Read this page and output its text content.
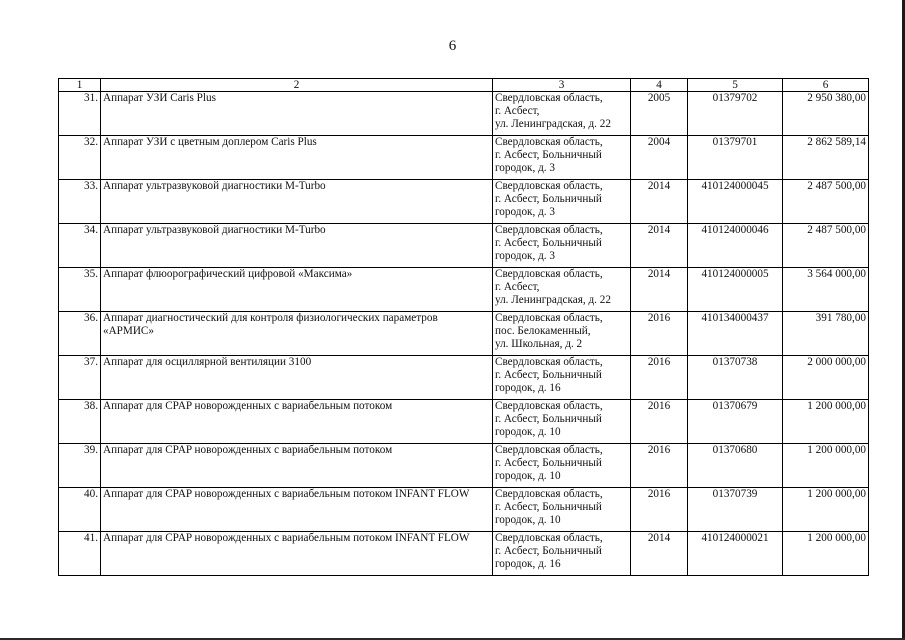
6
1	2	3	4	5	6
31.	Аппарат УЗИ Caris Plus	Свердловская область,
г. Асбест,
ул. Ленинградская, д. 22	2005	01379702	2 950 380,00
32.	Аппарат УЗИ с цветным доплером Caris Plus	Свердловская область,
г. Асбест, Больничный
городок, д. 3	2004	01379701	2 862 589,14
33.	Аппарат ультразвуковой диагностики M-Turbo	Свердловская область,
г. Асбест, Больничный
городок, д. 3	2014	410124000045	2 487 500,00
34.	Аппарат ультразвуковой диагностики M-Turbo	Свердловская область,
г. Асбест, Больничный
городок, д. 3	2014	410124000046	2 487 500,00
35.	Аппарат флюорографический цифровой «Максима»	Свердловская область,
г. Асбест,
ул. Ленинградская, д. 22	2014	410124000005	3 564 000,00
36.	Аппарат диагностический для контроля физиологических параметров «АРМИС»	Свердловская область,
пос. Белокаменный,
ул. Школьная, д. 2	2016	410134000437	391 780,00
37.	Аппарат для осциллярной вентиляции 3100	Свердловская область,
г. Асбест, Больничный
городок, д. 16	2016	01370738	2 000 000,00
38.	Аппарат для CPAP новорожденных с вариабельным потоком	Свердловская область,
г. Асбест, Больничный
городок, д. 10	2016	01370679	1 200 000,00
39.	Аппарат для CPAP новорожденных с вариабельным потоком	Свердловская область,
г. Асбест, Больничный
городок, д. 10	2016	01370680	1 200 000,00
40.	Аппарат для CPAP новорожденных с вариабельным потоком INFANT FLOW	Свердловская область,
г. Асбест, Больничный
городок, д. 10	2016	01370739	1 200 000,00
41.	Аппарат для CPAP новорожденных с вариабельным потоком INFANT FLOW	Свердловская область,
г. Асбест, Больничный
городок, д. 16	2014	410124000021	1 200 000,00
